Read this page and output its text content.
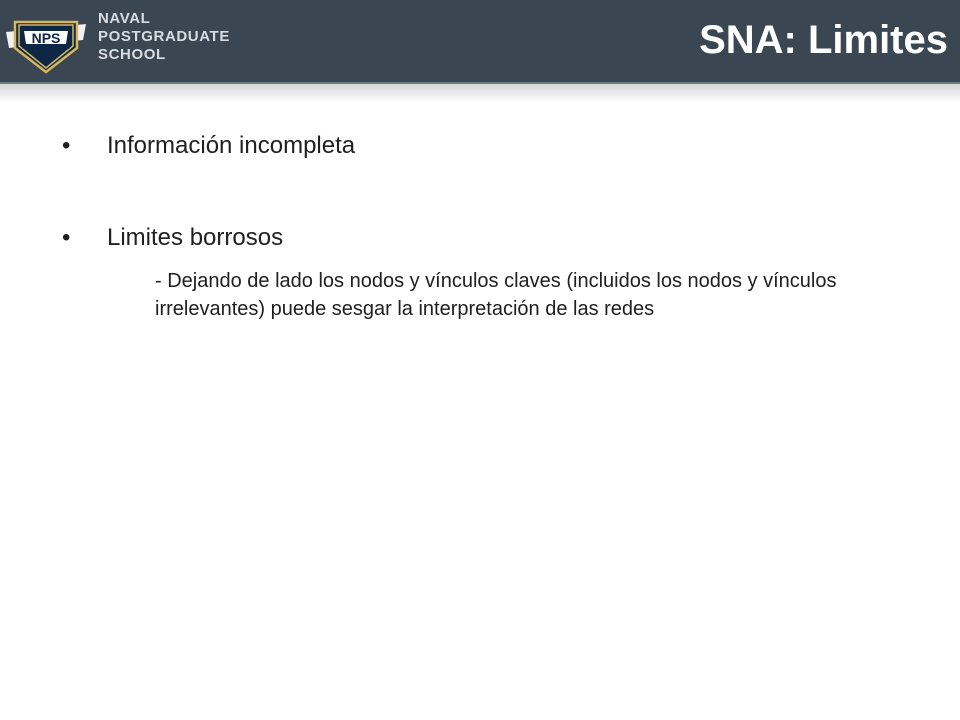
NPS
PRAESTANTIA PER SCIENTIAM
NAVAL
POSTGRADUATE
SCHOOL	SNA: Limites
• Información incompleta
• Limites borrosos
- Dejando de lado los nodos y vínculos claves (incluidos los nodos y vínculos irrelevantes) puede sesgar la interpretación de las redes
